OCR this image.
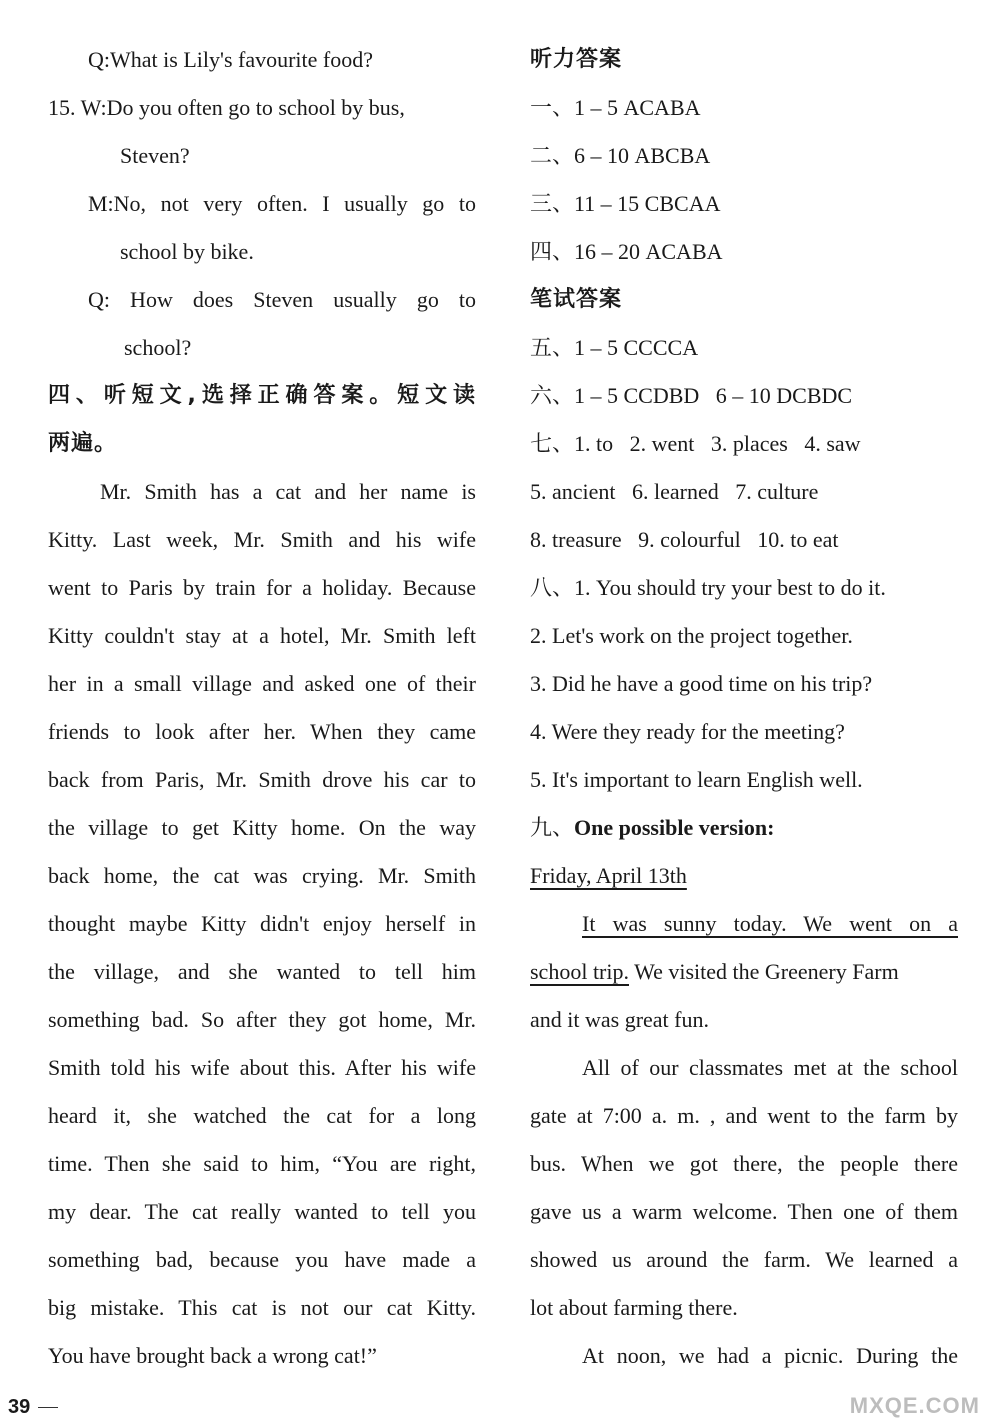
Q:What is Lily's favourite food?
15. W:Do you often go to school by bus,
Steven?
M:No, not very often. I usually go to
school by bike.
Q: How does Steven usually go to
school?
四、听短文,选择正确答案。短文读
两遍。
Mr. Smith has a cat and her name is
Kitty. Last week, Mr. Smith and his wife
went to Paris by train for a holiday. Because
Kitty couldn't stay at a hotel, Mr. Smith left
her in a small village and asked one of their
friends to look after her. When they came
back from Paris, Mr. Smith drove his car to
the village to get Kitty home. On the way
back home, the cat was crying. Mr. Smith
thought maybe Kitty didn't enjoy herself in
the village, and she wanted to tell him
something bad. So after they got home, Mr.
Smith told his wife about this. After his wife
heard it, she watched the cat for a long
time. Then she said to him, “You are right,
my dear. The cat really wanted to tell you
something bad, because you have made a
big mistake. This cat is not our cat Kitty.
You have brought back a wrong cat!”
听力答案
一、1 – 5 ACABA
二、6 – 10 ABCBA
三、11 – 15 CBCAA
四、16 – 20 ACABA
笔试答案
五、1 – 5 CCCCA
六、1 – 5 CCDBD   6 – 10 DCBDC
七、1. to   2. went   3. places   4. saw
5. ancient   6. learned   7. culture
8. treasure   9. colourful   10. to eat
八、1. You should try your best to do it.
2. Let's work on the project together.
3. Did he have a good time on his trip?
4. Were they ready for the meeting?
5. It's important to learn English well.
九、One possible version:
Friday, April 13th
It was sunny today. We went on a
school trip. We visited the Greenery Farm
and it was great fun.
All of our classmates met at the school
gate at 7:00 a. m. , and went to the farm by
bus. When we got there, the people there
gave us a warm welcome. Then one of them
showed us around the farm. We learned a
lot about farming there.
At noon, we had a picnic. During the
39	MXQE.COM
